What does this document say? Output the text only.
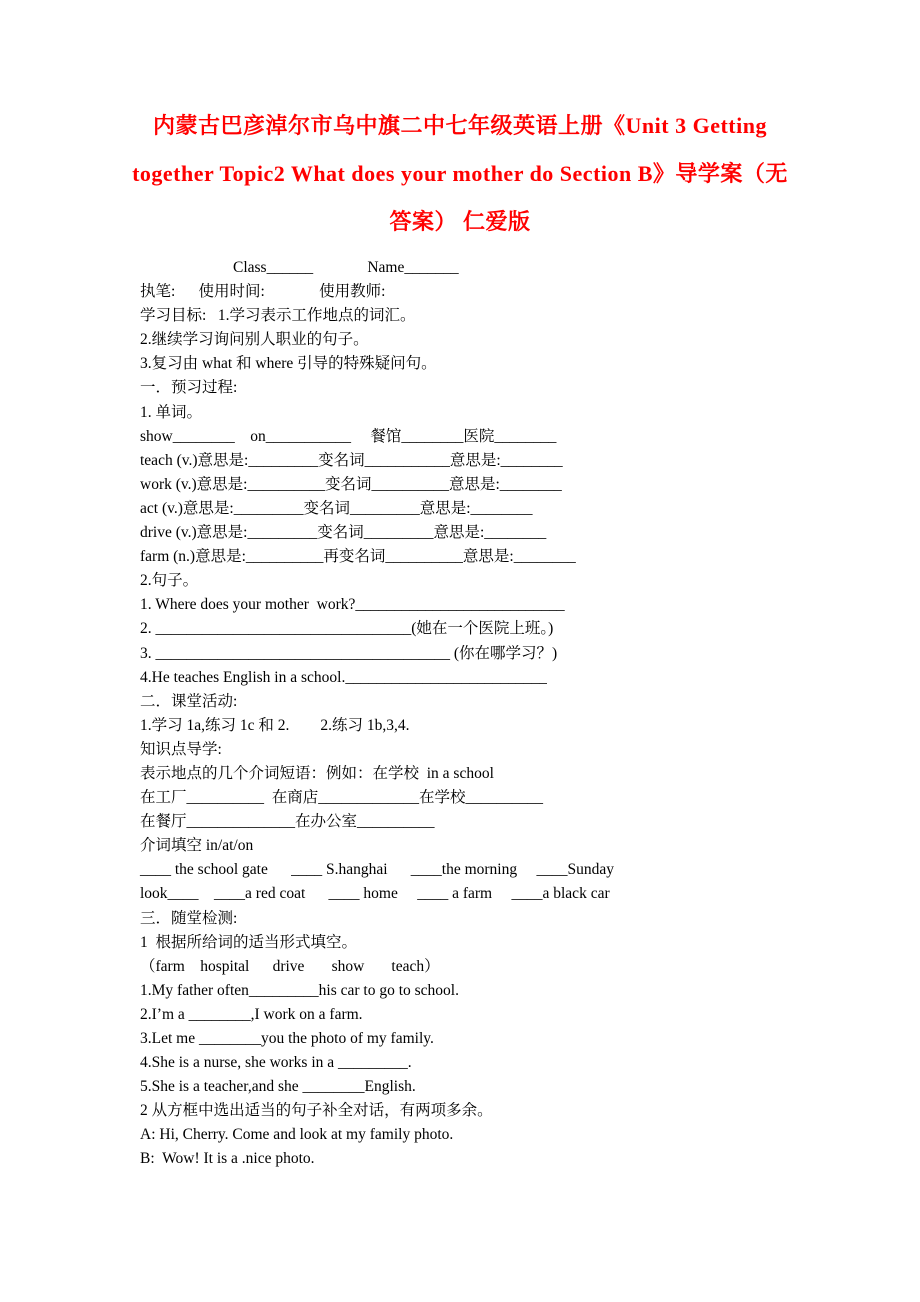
内蒙古巴彦淖尔市乌中旗二中七年级英语上册《Unit 3 Getting
together Topic2 What does your mother do Section B》导学案（无
答案） 仁爱版
Class______              Name_______
执笔:      使用时间:              使用教师:
学习目标:   1.学习表示工作地点的词汇。
2.继续学习询问别人职业的句子。
3.复习由 what 和 where 引导的特殊疑问句。
一．预习过程:
1. 单词。
show________    on___________     餐馆________医院________
teach (v.)意思是:_________变名词___________意思是:________
work (v.)意思是:__________变名词__________意思是:________
act (v.)意思是:_________变名词_________意思是:________
drive (v.)意思是:_________变名词_________意思是:________
farm (n.)意思是:__________再变名词__________意思是:________
2.句子。
1. Where does your mother  work?___________________________
2. _________________________________(她在一个医院上班。)
3. ______________________________________ (你在哪学习？)
4.He teaches English in a school.__________________________
二．课堂活动:
1.学习 1a,练习 1c 和 2.        2.练习 1b,3,4.
知识点导学:
表示地点的几个介词短语：例如：在学校  in a school
在工厂__________  在商店_____________在学校__________
在餐厅______________在办公室__________
介词填空 in/at/on
____ the school gate      ____ S.hanghai      ____the morning     ____Sunday
look____    ____a red coat      ____ home     ____ a farm     ____a black car
三．随堂检测:
1  根据所给词的适当形式填空。
（farm    hospital      drive       show       teach）
1.My father often_________his car to go to school.
2.I’m a ________,I work on a farm.
3.Let me ________you the photo of my family.
4.She is a nurse, she works in a _________.
5.She is a teacher,and she ________English.
2 从方框中选出适当的句子补全对话，有两项多余。
A: Hi, Cherry. Come and look at my family photo.
B:  Wow! It is a .nice photo.
